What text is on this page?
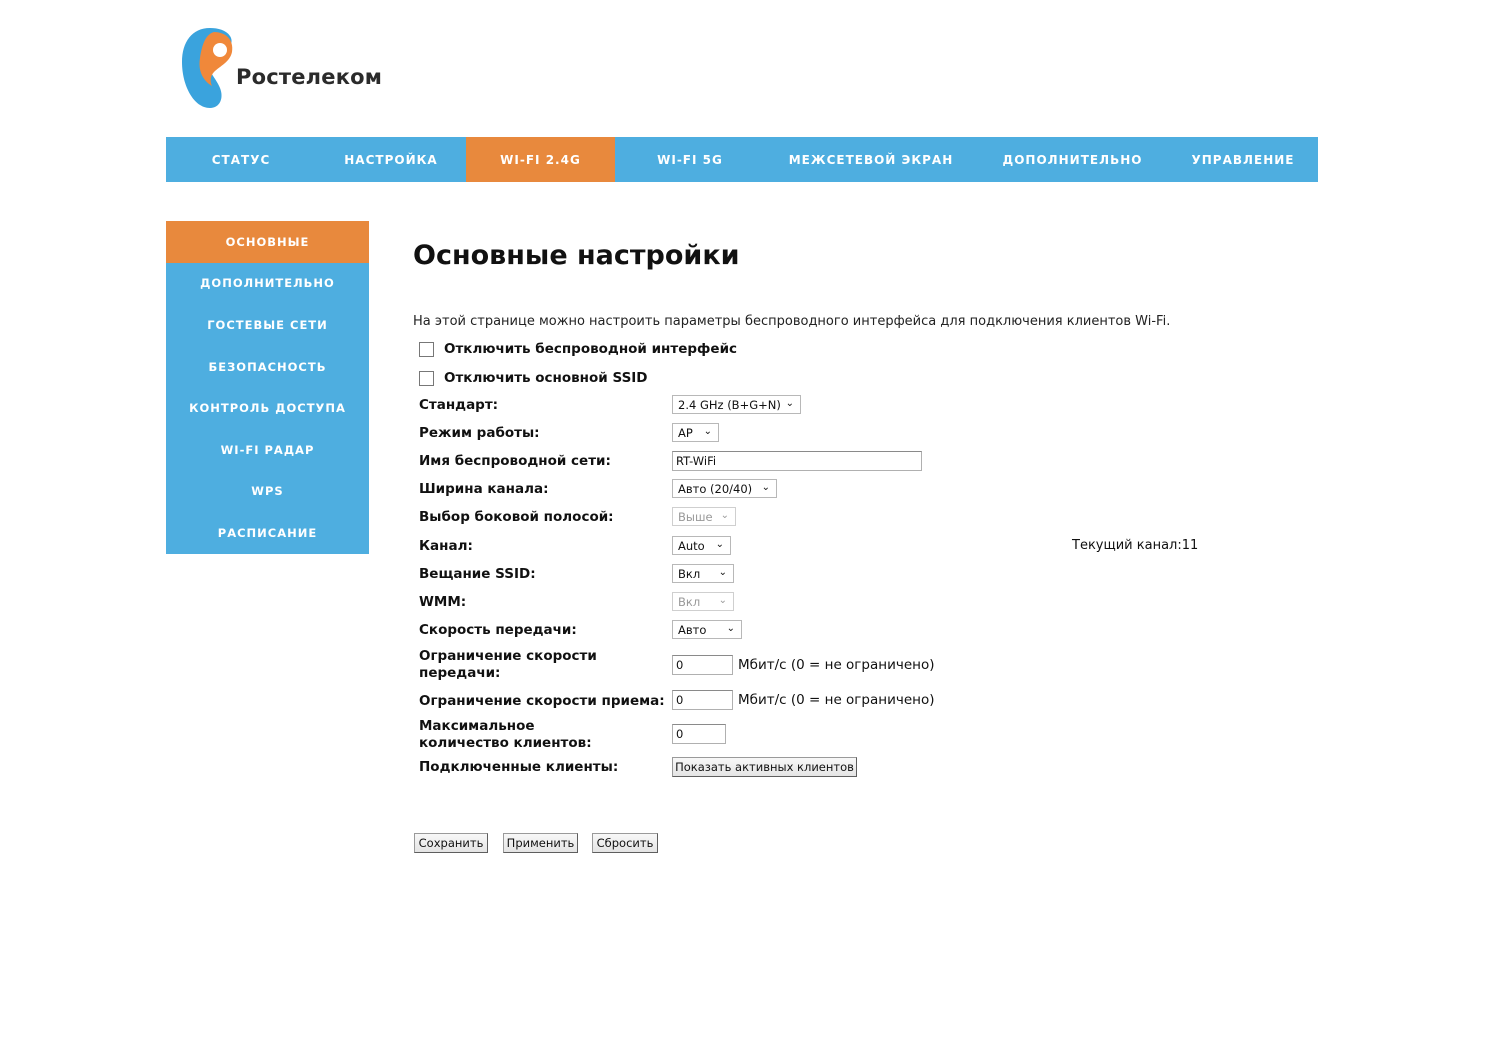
Ростелеком
СТАТУС	НАСТРОЙКА	WI-FI 2.4G	WI-FI 5G	МЕЖСЕТЕВОЙ ЭКРАН	ДОПОЛНИТЕЛЬНО	УПРАВЛЕНИЕ
ОСНОВНЫЕ
ДОПОЛНИТЕЛЬНО
ГОСТЕВЫЕ СЕТИ
БЕЗОПАСНОСТЬ
КОНТРОЛЬ ДОСТУПА
WI-FI РАДАР
WPS
РАСПИСАНИЕ
Основные настройки
На этой странице можно настроить параметры беспроводного интерфейса для подключения клиентов Wi-Fi.
Отключить беспроводной интерфейс
Отключить основной SSID
Стандарт:	2.4 GHz (B+G+N) ⌄
Режим работы:	AP ⌄
Имя беспроводной сети:	RT-WiFi
Ширина канала:	Авто (20/40) ⌄
Выбор боковой полосой:	Выше ⌄
Канал:	Auto ⌄	Текущий канал:11
Вещание SSID:	Вкл ⌄
WMM:	Вкл ⌄
Скорость передачи:	Авто ⌄
Ограничение скорости передачи:	0	Мбит/с (0 = не ограничено)
Ограничение скорости приема: 0	Мбит/с (0 = не ограничено)
Максимальное количество клиентов:
0
Подключенные клиенты:	Показать активных клиентов
Сохранить	Применить	Сбросить
